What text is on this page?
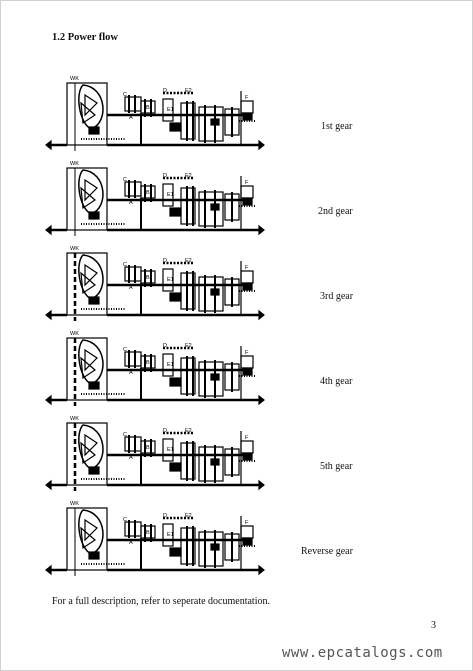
1.2 Power flow
WK
C
A
B
D
E1
E2
F
1st gear
WK
C
A
B
D
E1
E2
F
2nd gear
WK
C
A
B
D
E1
E2
F
3rd gear
WK
C
A
B
D
E1
E2
F
4th gear
WK
C
A
B
D
E1
E2
F
5th gear
WK
C
A
B
D
E1
E2
F
Reverse gear
For a full description, refer to seperate documentation.
3
www.epcatalogs.com
